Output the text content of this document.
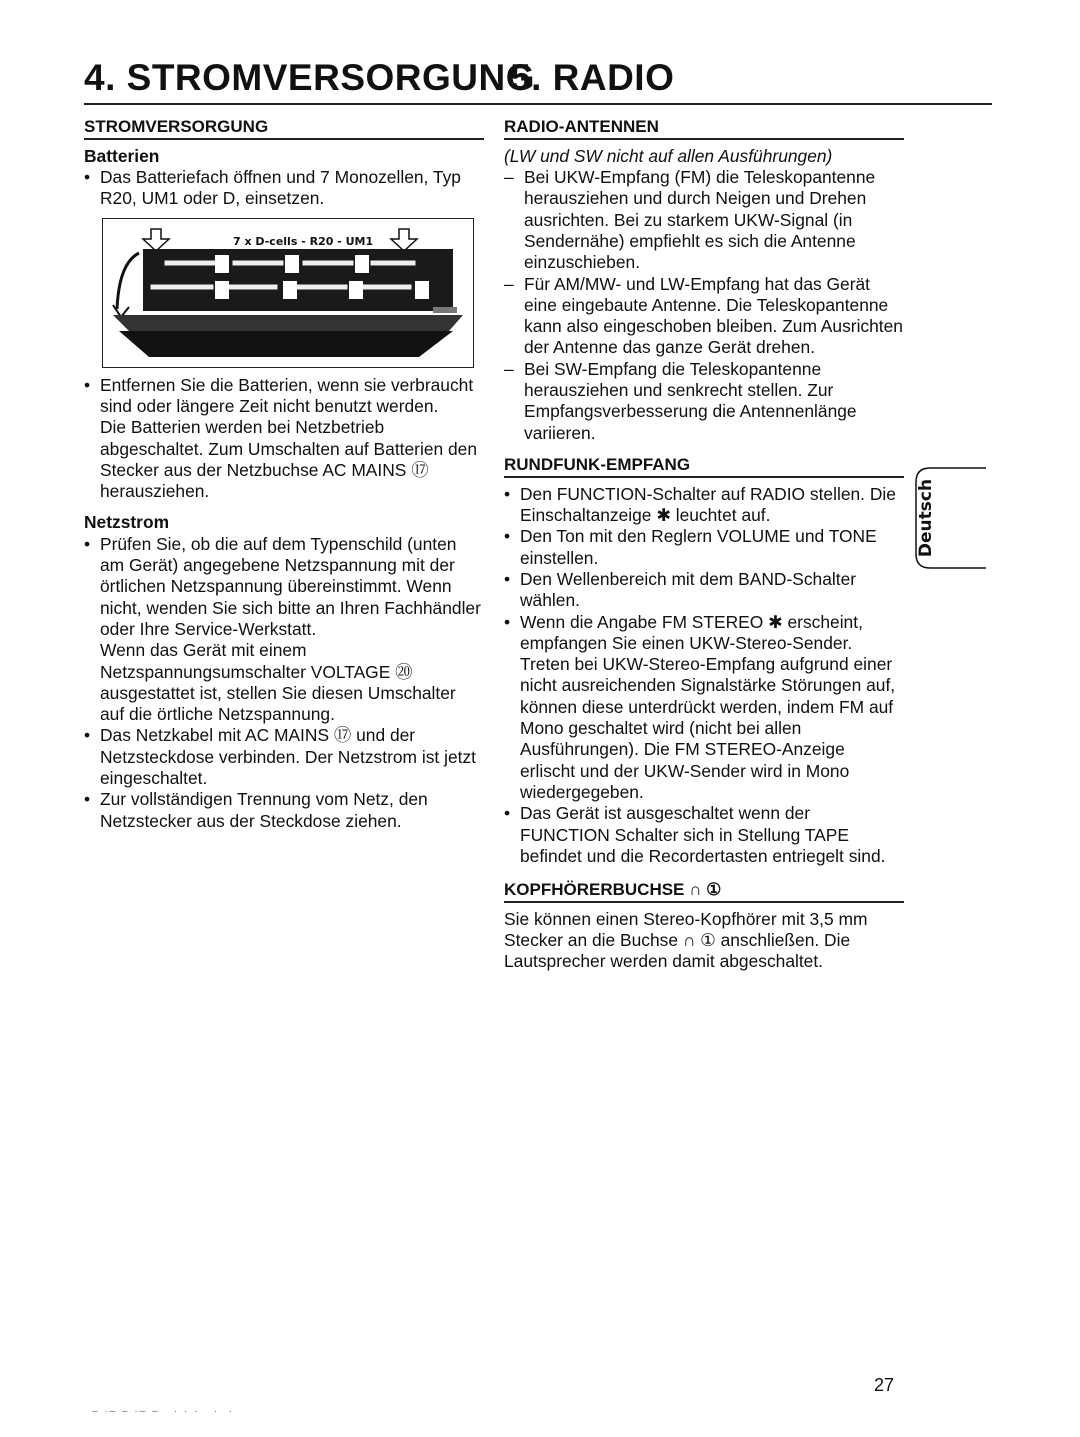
4. STROMVERSORGUNG
5. RADIO

STROMVERSORGUNG

Batterien

• Das Batteriefach öffnen und 7 Monozellen, Typ R20, UM1 oder D, einsetzen.
7 x D-cells - R20 - UM1
• Entfernen Sie die Batterien, wenn sie verbraucht sind oder längere Zeit nicht benutzt werden.
Die Batterien werden bei Netzbetrieb abgeschaltet. Zum Umschalten auf Batterien den Stecker aus der Netzbuchse AC MAINS ⑰ herausziehen.

Netzstrom

• Prüfen Sie, ob die auf dem Typenschild (unten am Gerät) angegebene Netzspannung mit der örtlichen Netzspannung übereinstimmt. Wenn nicht, wenden Sie sich bitte an Ihren Fachhändler oder Ihre Service-Werkstatt.
Wenn das Gerät mit einem Netzspannungsumschalter VOLTAGE ⑳ ausgestattet ist, stellen Sie diesen Umschalter auf die örtliche Netzspannung.
• Das Netzkabel mit AC MAINS ⑰ und der Netzsteckdose verbinden. Der Netzstrom ist jetzt eingeschaltet.
• Zur vollständigen Trennung vom Netz, den Netzstecker aus der Steckdose ziehen.

RADIO-ANTENNEN

(LW und SW nicht auf allen Ausführungen)

– Bei UKW-Empfang (FM) die Teleskopantenne herausziehen und durch Neigen und Drehen ausrichten. Bei zu starkem UKW-Signal (in Sendernähe) empfiehlt es sich die Antenne einzuschieben.
– Für AM/MW- und LW-Empfang hat das Gerät eine eingebaute Antenne. Die Teleskopantenne kann also eingeschoben bleiben. Zum Ausrichten der Antenne das ganze Gerät drehen.
– Bei SW-Empfang die Teleskopantenne herausziehen und senkrecht stellen. Zur Empfangsverbesserung die Antennenlänge variieren.

RUNDFUNK-EMPFANG

• Den FUNCTION-Schalter auf RADIO stellen. Die Einschaltanzeige ✱ leuchtet auf.
• Den Ton mit den Reglern VOLUME und TONE einstellen.
• Den Wellenbereich mit dem BAND-Schalter wählen.
• Wenn die Angabe FM STEREO ✱ erscheint, empfangen Sie einen UKW-Stereo-Sender. Treten bei UKW-Stereo-Empfang aufgrund einer nicht ausreichenden Signalstärke Störungen auf, können diese unterdrückt werden, indem FM auf Mono geschaltet wird (nicht bei allen Ausführungen). Die FM STEREO-Anzeige erlischt und der UKW-Sender wird in Mono wiedergegeben.
• Das Gerät ist ausgeschaltet wenn der FUNCTION Schalter sich in Stellung TAPE befindet und die Recordertasten entriegelt sind.

KOPFHÖRERBUCHSE ∩ ①

Sie können einen Stereo-Kopfhörer mit 3,5 mm Stecker an die Buchse ∩ ① anschließen. Die Lautsprecher werden damit abgeschaltet.

Deutsch
27
‒ ·‒ ‒ ·‒ ‒   · · ·   ·  ·
